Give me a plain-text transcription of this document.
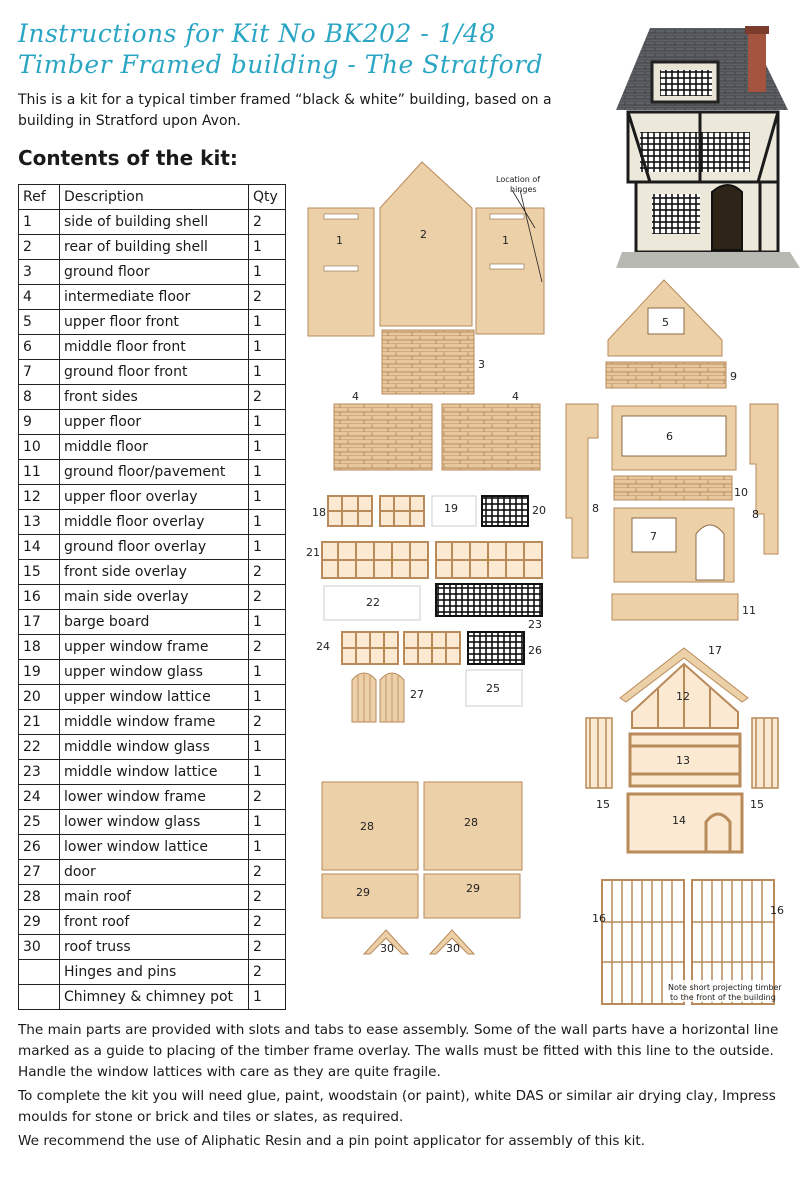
Instructions for Kit No BK202 - 1/48
Timber Framed building - The Stratford
This is a kit for a typical timber framed “black & white” building, based on a building in Stratford upon Avon.
Contents of the kit:
Ref	Description	Qty
1	side of building shell	2
2	rear of building shell	1
3	ground floor	1
4	intermediate floor	2
5	upper floor front	1
6	middle floor front	1
7	ground floor front	1
8	front sides	2
9	upper floor	1
10	middle floor	1
11	ground floor/pavement	1
12	upper floor overlay	1
13	middle floor overlay	1
14	ground floor overlay	1
15	front side overlay	2
16	main side overlay	2
17	barge board	1
18	upper window frame	2
19	upper window glass	1
20	upper window lattice	1
21	middle window frame	2
22	middle window glass	1
23	middle window lattice	1
24	lower window frame	2
25	lower window glass	1
26	lower window lattice	1
27	door	2
28	main roof	2
29	front roof	2
30	roof truss	2
	Hinges and pins	2
	Chimney & chimney pot	1
1	2	1
Location of
hinges
3
4	4
5
9
8	8
6
10
7
11
18	19	20
21
22
23
24	26
27	25
17
12
13
15	15
14
28	28
29	29
30	30
16
16
Note short projecting timber
to the front of the building

The main parts are provided with slots and tabs to ease assembly. Some of the wall parts have a horizontal line marked as a guide to placing of the timber frame overlay. The walls must be fitted with this line to the outside. Handle the window lattices with care as they are quite fragile.

To complete the kit you will need glue, paint, woodstain (or paint), white DAS or similar air drying clay, Impress moulds for stone or brick and tiles or slates, as required.

We recommend the use of Aliphatic Resin and a pin point applicator for assembly of this kit.
